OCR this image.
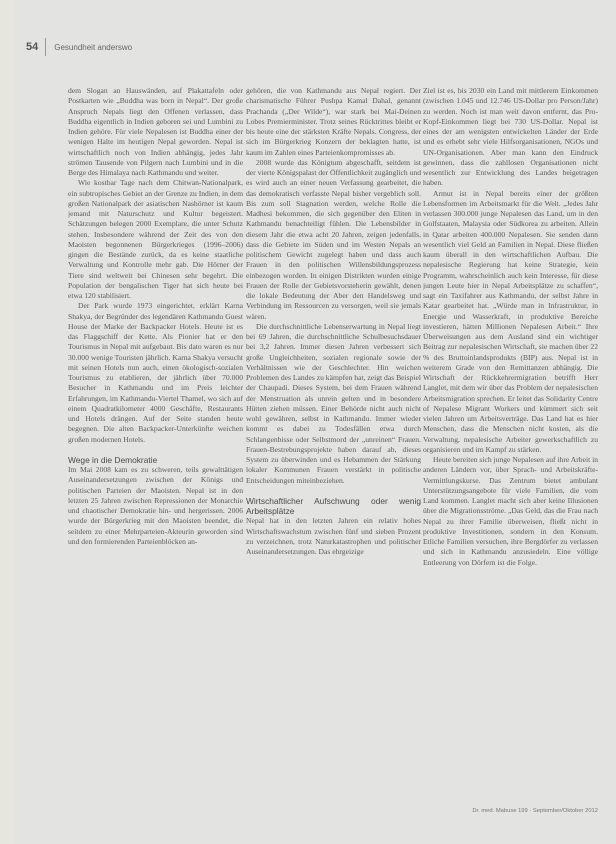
54 Gesundheit anderswo

dem Slogan an Hauswänden, auf Plakattafeln oder Postkarten wie „Buddha was born in Nepal“. Der große Anspruch Nepals liegt den Offenen verlassen, dass Buddha eigentlich in Indien geboren sei und Lumbini zu Indien gehöre. Für viele Nepalesen ist Buddha einer der wenigen Halte im heutigen Nepal geworden. Nepal ist wirtschaftlich noch von Indien abhängig, jedes Jahr strömen Tausende von Pilgern nach Lumbini und in die Berge des Himalaya nach Kathmandu und weiter.

Wie kostbar Tage nach dem Chitwan-Nationalpark, ein subtropisches Gebiet an der Grenze zu Indien, in dem großen Nationalpark der asiatischen Nashörner ist kaum jemand mit Naturschutz und Kultur begeistert. Schätzungen belegen 2000 Exemplare, die unter Schutz stehen. Insbesondere während der Zeit des von den Maoisten begonnenen Bürgerkrieges (1996–2006) gingen die Bestände zurück, da es keine staatliche Verwaltung und Kontrolle mehr gab. Die Hörner der Tiere sind weltweit bei Chinesen sehr begehrt. Die Population der bengalischen Tiger hat sich heute bei etwa 120 stabilisiert.

Der Park wurde 1973 eingerichtet, erklärt Karna Shakya, der Begründer des legendären Kathmandu Guest House der Marke der Backpacker Hotels. Heute ist es das Flaggschiff der Kette. Als Pionier hat er den Tourismus in Nepal mit aufgebaut. Bis dato waren es nur 30.000 wenige Touristen jährlich. Karna Shakya versucht mit seinen Hotels nun auch, einen ökologisch-sozialen Tourismus zu etablieren, der jährlich über 70.000 Besucher in Kathmandu und im Preis leichter Erfahrungen, im Kathmandu-Viertel Thamel, wo sich auf einem Quadratkilometer 4000 Geschäfte, Restaurants und Hotels drängen. Auf der Seite standen heute begegnen. Die alten Backpacker-Unterkünfte weichen großen modernen Hotels.

Wege in die Demokratie

Im Mai 2008 kam es zu schweren, teils gewalttätigen Auseinandersetzungen zwischen der Königs und politischen Parteien der Maoisten. Nepal ist in den letzten 25 Jahren zwischen Repressionen der Monarchie und chaotischer Demokratie hin- und hergerissen. 2006 wurde der Bürgerkrieg mit den Maoisten beendet, die seitdem zu einer Mehrparteien-Akteurin geworden sind und den formierenden Parteienblöcken an-

gehören, die von Kathmandu aus Nepal regiert. Der charismatische Führer Pushpa Kamal Dahal, genannt Prachanda („Der Wilde“), war stark bei Mai-Deinen Lobes Premierminister. Trotz seines Rücktrittes bleibt er bis heute eine der stärksten Kräfte Nepals. Congress, der sich im Bürgerkrieg Konzern der beklagten hatte, ist kaum im Zahlen eines Parteienkompromisses ab.

2008 wurde das Königtum abgeschafft, seitdem ist der vierte Königspalast der Öffentlichkeit zugänglich und es wird auch an einer neuen Verfassung gearbeitet, die das demokratisch verfasste Nepal bisher vergeblich soll. Bis zum soll Stagnation werden, welche Rolle die Madhesi bekommen, die sich gegenüber den Eliten in Kathmandu benachteiligt fühlen. Die Lebensbilder in diesem Jahr die etwa acht 20 Jahren, zeigen jedenfalls, dass die Gebiete im Süden und im Westen Nepals an politischem Gewicht zugelegt haben und dass auch Frauen in den politischen Willensbildungsprozess einbezogen worden. In einigen Distrikten wurden einige Frauen der Rolle der Gebietsvorsteherin gewählt, denen die lokale Bedeutung der Aber den Handelsweg und Verbindung im Ressourcen zu versorgen, weil sie jemals wären.

Die durchschnittliche Lebenserwartung in Nepal liegt bei 69 Jahren, die durchschnittliche Schulbesuchsdauer bei 3,2 Jahren. Immer diesen Jahren verbessert sich große Ungleichheiten, sozialen regionale sowie der Verhältnissen wie der Geschlechter. Hin weichen Problemen des Landes zu kämpfen hat, zeigt das Beispiel der Chaupadi. Dieses System, bei dem Frauen während der Menstruation als unrein gelten und in besondere Hütten ziehen müssen. Einer Behörde nicht auch nicht wohl gewähren, selbst in Kathmandu. Immer wieder kommt es dabei zu Todesfällen etwa durch Schlangenbisse oder Selbstmord der „unreinen“ Frauen. Frauen-Bestrebungsprojekte haben darauf ab, dieses System zu überwinden und es Hebammen der Stärkung lokaler Kommunen Frauen verstärkt in politische Entscheidungen miteinbeziehen.

Wirtschaftlicher Aufschwung oder wenig Arbeitsplätze

Nepal hat in den letzten Jahren ein relativ hohes Wirtschaftswachstum zwischen fünf und sieben Prozent zu verzeichnen, trotz Naturkatastrophen und politischer Auseinandersetzungen. Das ehrgeizige

Ziel ist es, bis 2030 ein Land mit mittlerem Einkommen (zwischen 1.045 und 12.746 US-Dollar pro Person/Jahr) zu werden. Noch ist man weit davon entfernt, das Pro-Kopf-Einkommen liegt bei 730 US-Dollar. Nepal ist eines der am wenigsten entwickelten Länder der Erde und es erhebt sehr viele Hilfsorganisationen, NGOs und UN-Organisationen. Aber man kann den Eindruck gewinnen, dass die zahllosen Organisationen nicht wesentlich zur Entwicklung des Landes beigetragen haben.

Armut ist in Nepal bereits einer der größten Lebensformen im Arbeitsmarkt für die Welt. „Jedes Jahr verlassen 300.000 junge Nepalesen das Land, um in den Golfstaaten, Malaysia oder Südkorea zu arbeiten. Allein in Qatar arbeiten 400.000 Nepalesen. Sie senden dann wesentlich viel Geld an Familien in Nepal. Diese fließen kaum überall in den wirtschaftlichen Aufbau. Die nepalesische Regierung hat keine Strategie, kein Programm, wahrscheinlich auch kein Interesse, für diese jungen Leute hier in Nepal Arbeitsplätze zu schaffen“, sagt ein Taxifahrer aus Kathmandu, der selbst Jahre in Katar gearbeitet hat. „Würde man in Infrastruktur, in Energie und Wasserkraft, in produktive Bereiche investieren, hätten Millionen Nepalesen Arbeit.“ Ihre Überweisungen aus dem Ausland sind ein wichtiger Beitrag zur nepalesischen Wirtschaft, sie machen über 22 % des Bruttoinlandsprodukts (BIP) aus. Nepal ist in weiterem Grade von den Remittanzen abhängig. Die Wirtschaft der Rückkehrermigration betrifft Herr Langlet, mit dem wir über das Problem der nepalesischen Arbeitsmigration sprechen. Er leitet das Solidarity Centre of Nepalese Migrant Workers und kümmert sich seit vielen Jahren um Arbeitsverträge. Das Land hat es hier Menschen, dass die Menschen nicht kosten, als die Verwaltung, nepalesische Arbeiter gewerkschaftlich zu organisieren und im Kampf zu stärken.

Heute bereiten sich junge Nepalesen auf ihre Arbeit in anderen Ländern vor, über Sprach- und Arbeitskräfte-Vermittlungskurse. Das Zentrum bietet ambulant Unterstützungsangebote für viele Familien, die vom Land kommen. Langlet macht sich aber keine Illusionen über die Migrationsströme. „Das Geld, das die Frau nach Nepal zu ihrer Familie überweisen, fließt nicht in produktive Investitionen, sondern in den Konsum. Etliche Familien versuchen, ihre Bergdörfer zu verlassen und sich in Kathmandu anzusiedeln. Eine völlige Entleerung von Dörfern ist die Folge.

Dr. med. Mabuse 199 · September/Oktober 2012
